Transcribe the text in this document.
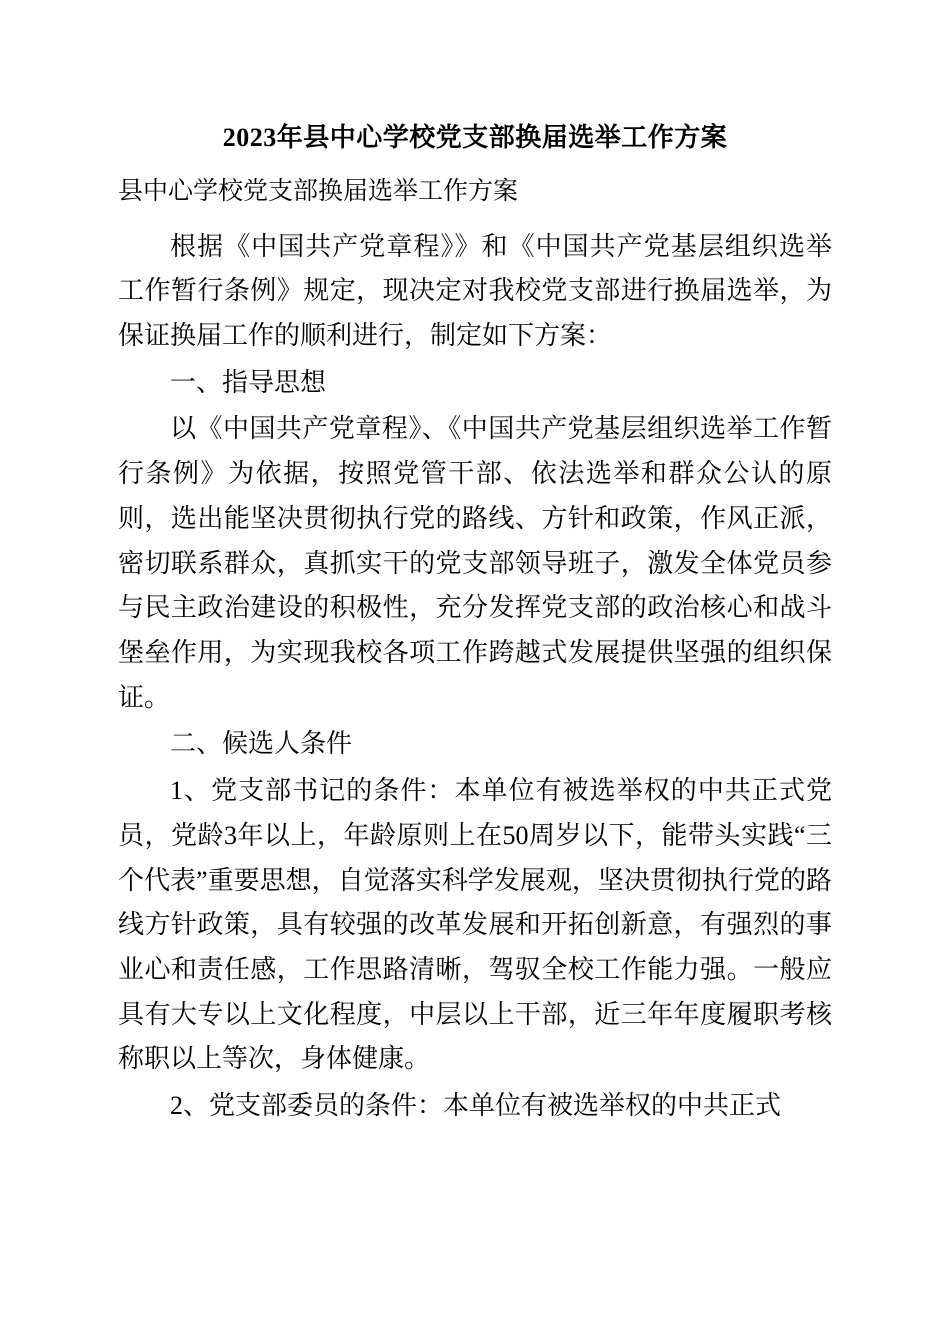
2023年县中心学校党支部换届选举工作方案
县中心学校党支部换届选举工作方案

根据《中国共产党章程》》和《中国共产党基层组织选举工作暂行条例》规定，现决定对我校党支部进行换届选举，为保证换届工作的顺利进行，制定如下方案：

一、指导思想

以《中国共产党章程》、《中国共产党基层组织选举工作暂行条例》为依据，按照党管干部、依法选举和群众公认的原则，选出能坚决贯彻执行党的路线、方针和政策，作风正派，密切联系群众，真抓实干的党支部领导班子，激发全体党员参与民主政治建设的积极性，充分发挥党支部的政治核心和战斗堡垒作用，为实现我校各项工作跨越式发展提供坚强的组织保证。

二、候选人条件

1、党支部书记的条件：本单位有被选举权的中共正式党员，党龄3年以上，年龄原则上在50周岁以下，能带头实践“三个代表”重要思想，自觉落实科学发展观，坚决贯彻执行党的路线方针政策，具有较强的改革发展和开拓创新意，有强烈的事业心和责任感，工作思路清晰，驾驭全校工作能力强。一般应具有大专以上文化程度，中层以上干部，近三年年度履职考核称职以上等次，身体健康。

2、党支部委员的条件：本单位有被选举权的中共正式
